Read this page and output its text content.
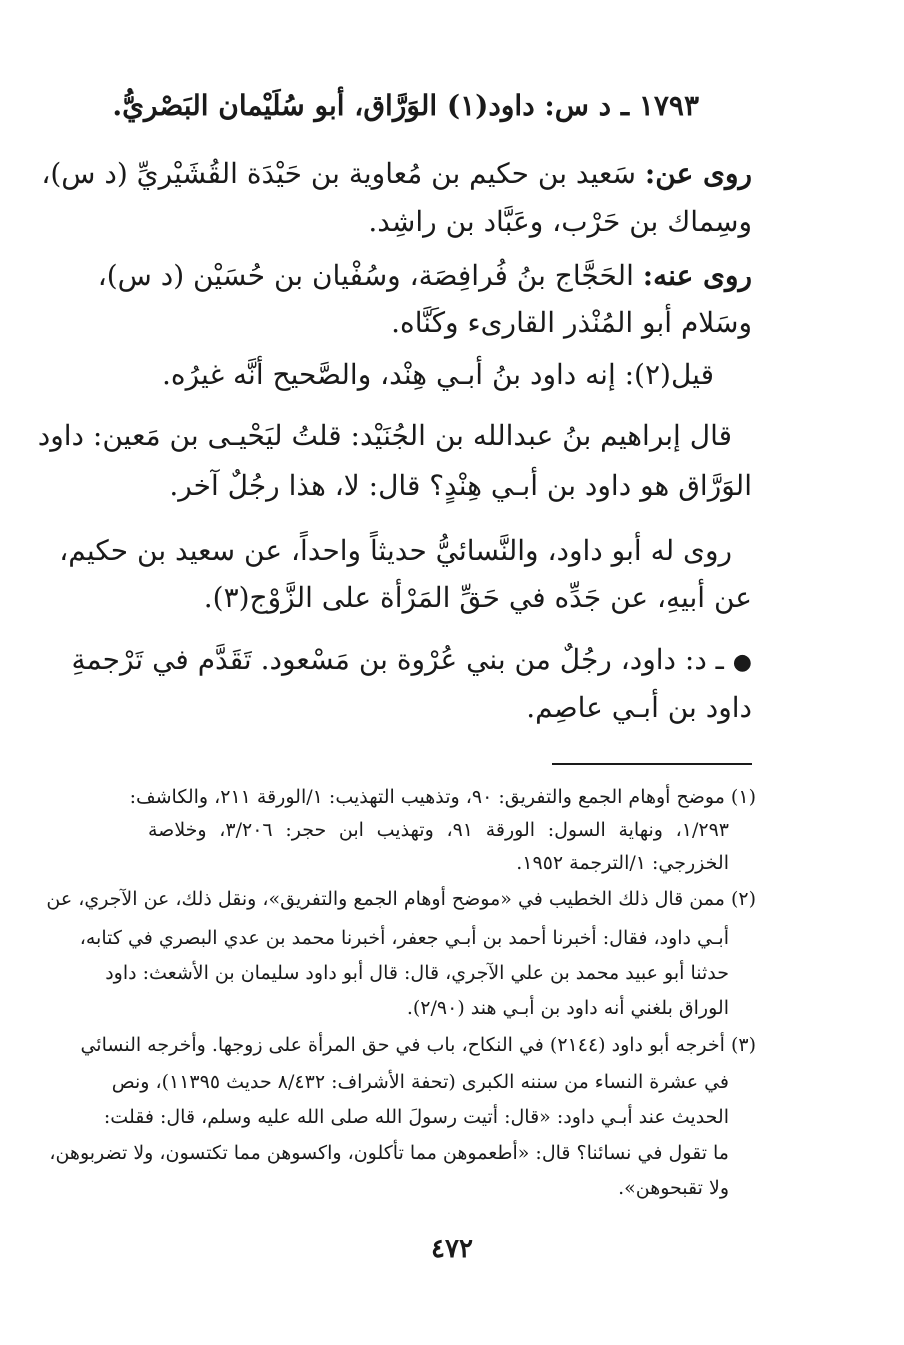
١٧٩٣ ـ د س: داود(١) الوَرَّاق، أبو سُلَيْمان البَصْريُّ.
روى عن: سَعيد بن حكيم بن مُعاوية بن حَيْدَة القُشَيْريِّ (د س)،
وسِماك بن حَرْب، وعَبَّاد بن راشِد.
روى عنه: الحَجَّاج بنُ فُرافِصَة، وسُفْيان بن حُسَيْن (د س)،
وسَلام أبو المُنْذر القارىء وكَنَّاه.
قيل(٢): إنه داود بنُ أبـي هِنْد، والصَّحيح أنَّه غيرُه.
قال إبراهيم بنُ عبدالله بن الجُنَيْد: قلتُ ليَحْيـى بن مَعين: داود
الوَرَّاق هو داود بن أبـي هِنْدٍ؟ قال: لا، هذا رجُلٌ آخر.
روى له أبو داود، والنَّسائيُّ حديثاً واحداً، عن سعيد بن حكيم،
عن أبيهِ، عن جَدِّه في حَقِّ المَرْأة على الزَّوْج(٣).
● ـ د: داود، رجُلٌ من بني عُرْوة بن مَسْعود. تَقَدَّم في تَرْجمةِ
داود بن أبـي عاصِم.
(١) موضح أوهام الجمع والتفريق: ٩٠، وتذهيب التهذيب: ١/الورقة ٢١١، والكاشف:
١/٢٩٣، ونهاية السول: الورقة ٩١، وتهذيب ابن حجر: ٣/٢٠٦، وخلاصة
الخزرجي: ١/الترجمة ١٩٥٢.
(٢) ممن قال ذلك الخطيب في «موضح أوهام الجمع والتفريق»، ونقل ذلك، عن الآجري، عن
أبـي داود، فقال: أخبرنا أحمد بن أبـي جعفر، أخبرنا محمد بن عدي البصري في كتابه،
حدثنا أبو عبيد محمد بن علي الآجري، قال: قال أبو داود سليمان بن الأشعث: داود
الوراق بلغني أنه داود بن أبـي هند (٢/٩٠).
(٣) أخرجه أبو داود (٢١٤٤) في النكاح، باب في حق المرأة على زوجها. وأخرجه النسائي
في عشرة النساء من سننه الكبرى (تحفة الأشراف: ٨/٤٣٢ حديث ١١٣٩٥)، ونص
الحديث عند أبـي داود: «قال: أتيت رسولَ الله صلى الله عليه وسلم، قال: فقلت:
ما تقول في نسائنا؟ قال: «أطعموهن مما تأكلون، واكسوهن مما تكتسون، ولا تضربوهن،
ولا تقبحوهن».
٤٧٢
